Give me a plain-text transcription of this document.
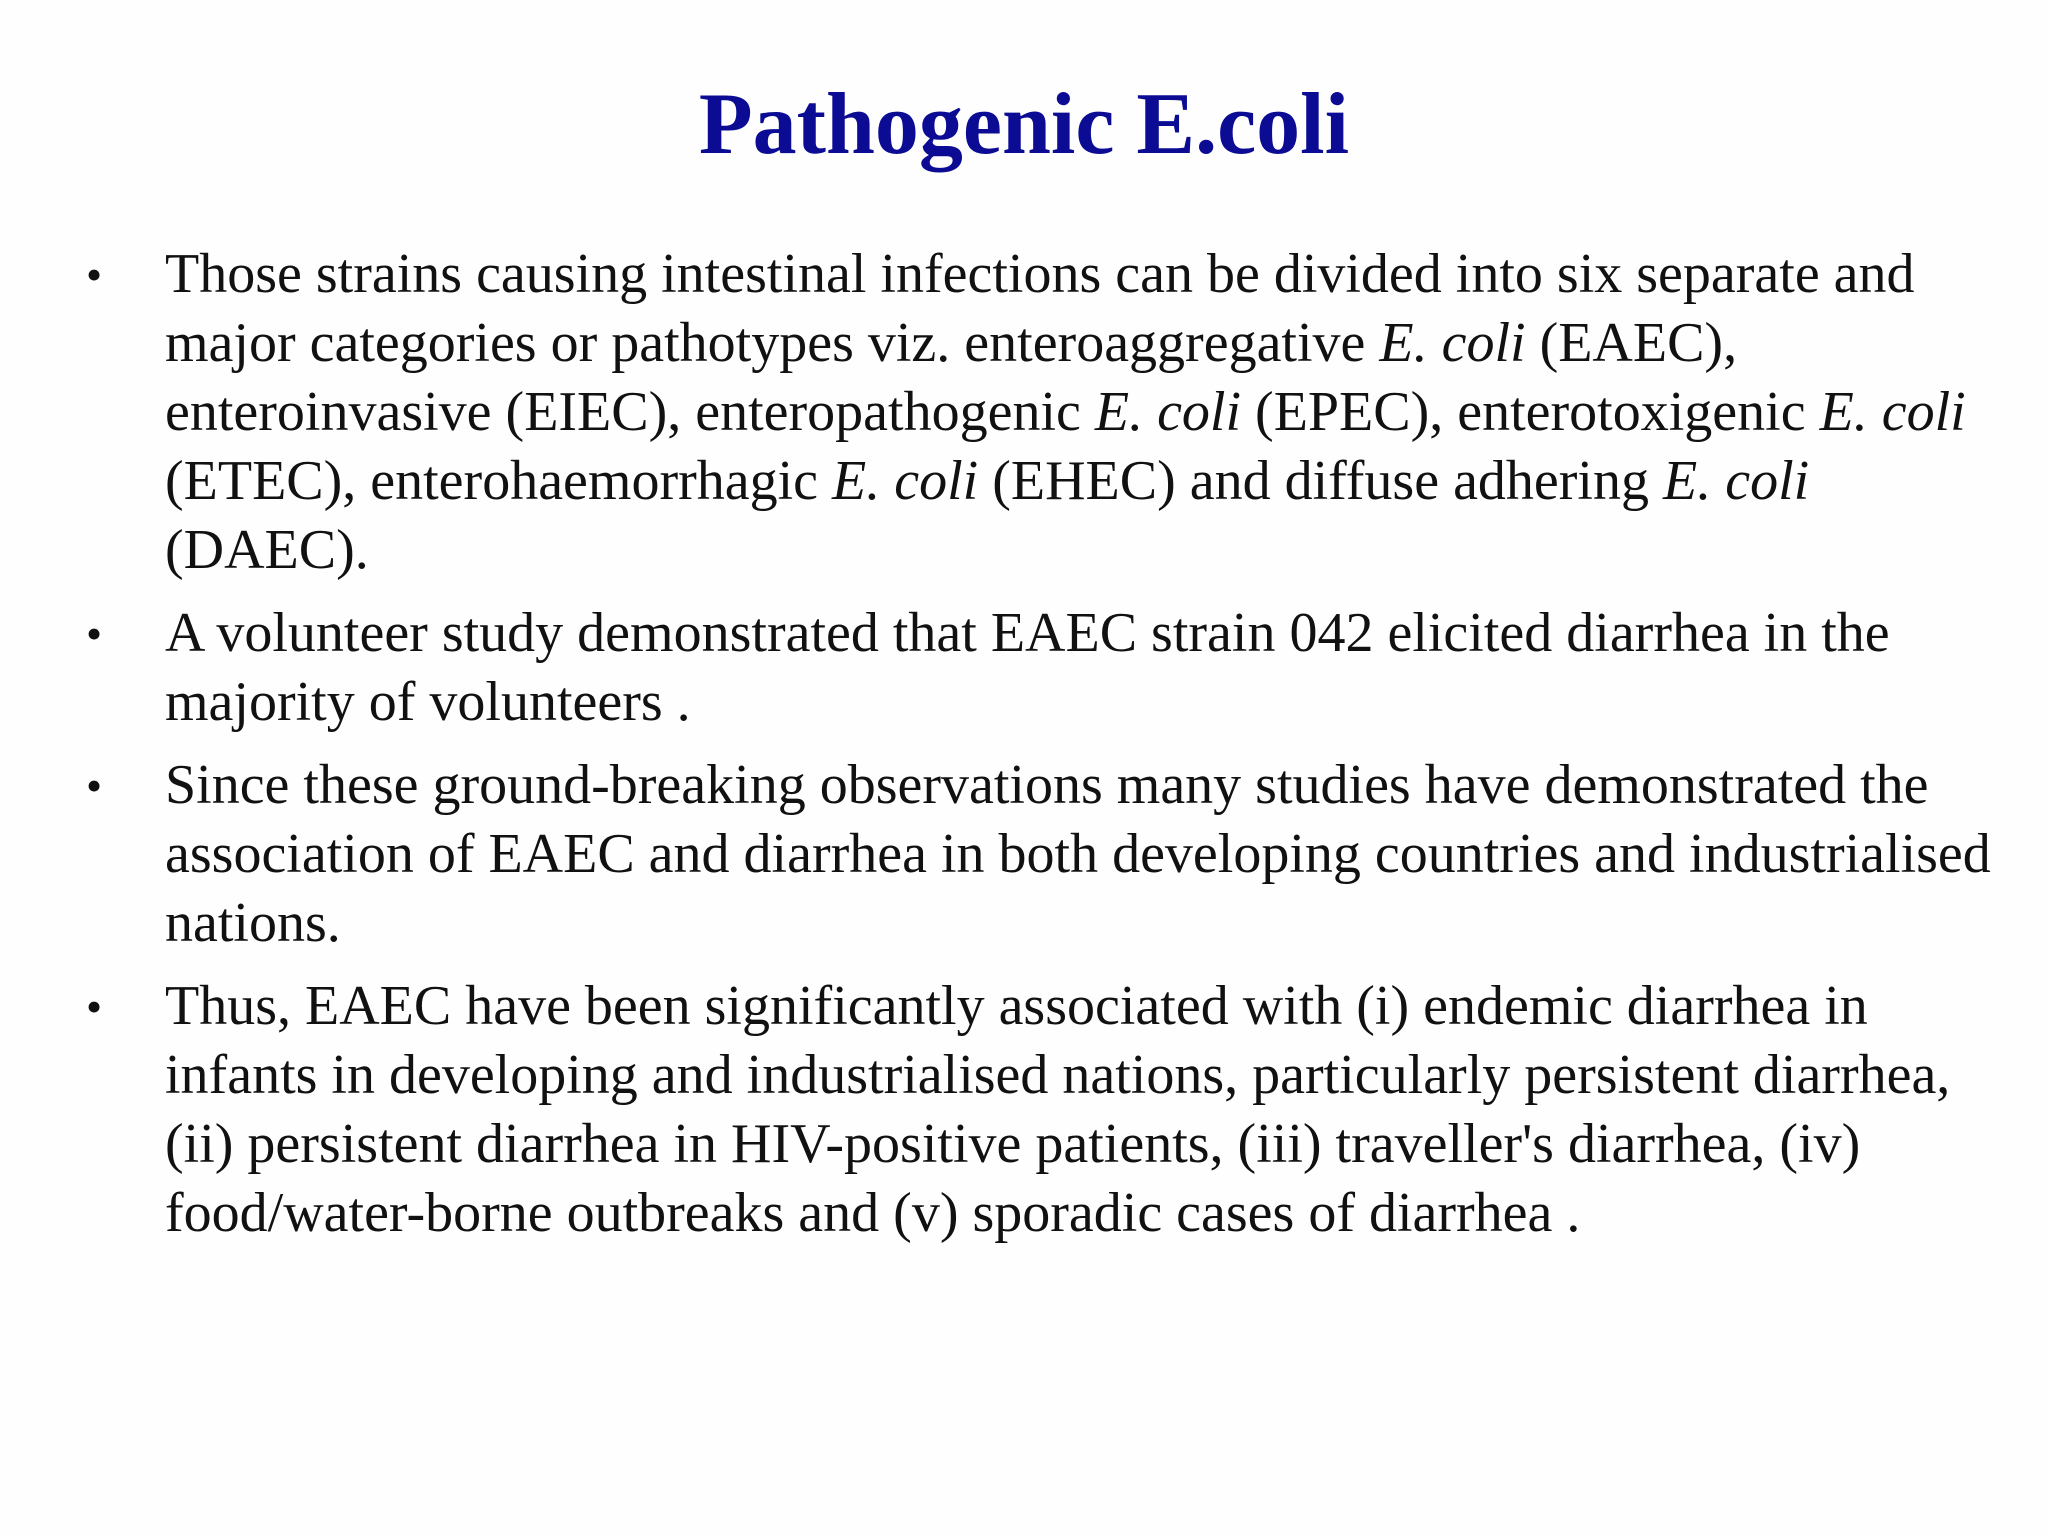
Pathogenic E.coli
• Those strains causing intestinal infections can be divided into six separate and major categories or pathotypes viz. enteroaggregative E. coli (EAEC), enteroinvasive (EIEC), enteropathogenic E. coli (EPEC), enterotoxigenic E. coli (ETEC), enterohaemorrhagic E. coli (EHEC) and diffuse adhering E. coli (DAEC).
• A volunteer study demonstrated that EAEC strain 042 elicited diarrhea in the majority of volunteers .
• Since these ground-breaking observations many studies have demonstrated the association of EAEC and diarrhea in both developing countries and industrialised nations.
• Thus, EAEC have been significantly associated with (i) endemic diarrhea in infants in developing and industrialised nations, particularly persistent diarrhea, (ii) persistent diarrhea in HIV-positive patients, (iii) traveller's diarrhea, (iv) food/water-borne outbreaks and (v) sporadic cases of diarrhea .
